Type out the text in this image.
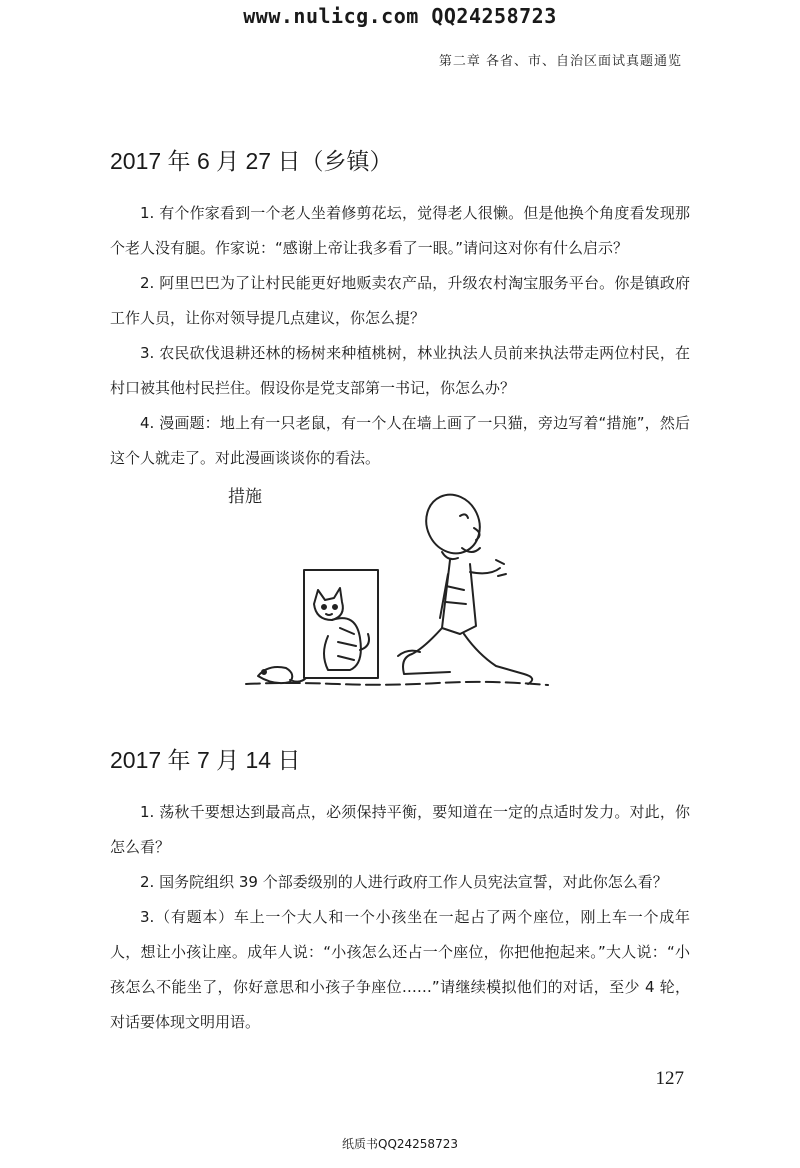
www.nulicg.com QQ24258723
第二章 各省、市、自治区面试真题通览
2017 年 6 月 27 日（乡镇）

1. 有个作家看到一个老人坐着修剪花坛，觉得老人很懒。但是他换个角度看发现那个老人没有腿。作家说：“感谢上帝让我多看了一眼。”请问这对你有什么启示？

2. 阿里巴巴为了让村民能更好地贩卖农产品，升级农村淘宝服务平台。你是镇政府工作人员，让你对领导提几点建议，你怎么提？

3. 农民砍伐退耕还林的杨树来种植桃树，林业执法人员前来执法带走两位村民，在村口被其他村民拦住。假设你是党支部第一书记，你怎么办？

4. 漫画题：地上有一只老鼠，有一个人在墙上画了一只猫，旁边写着“措施”，然后这个人就走了。对此漫画谈谈你的看法。

措施
2017 年 7 月 14 日

1. 荡秋千要想达到最高点，必须保持平衡，要知道在一定的点适时发力。对此，你怎么看？

2. 国务院组织 39 个部委级别的人进行政府工作人员宪法宣誓，对此你怎么看？

3.（有题本）车上一个大人和一个小孩坐在一起占了两个座位，刚上车一个成年人，想让小孩让座。成年人说：“小孩怎么还占一个座位，你把他抱起来。”大人说：“小孩怎么不能坐了，你好意思和小孩子争座位……”请继续模拟他们的对话，至少 4 轮，对话要体现文明用语。

127
纸质书QQ24258723
